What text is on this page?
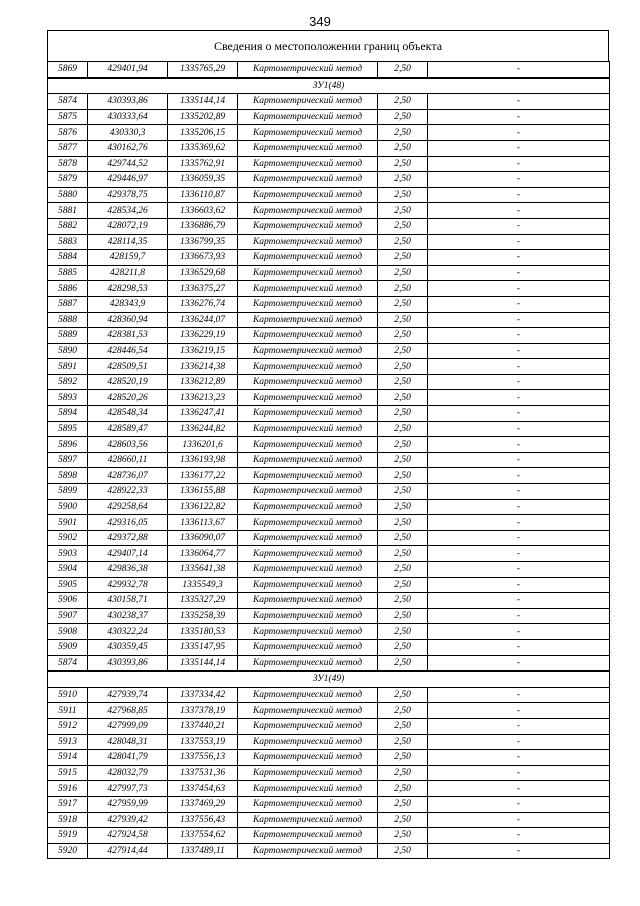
349
Сведения о местоположении границ объекта
5869	429401,94	1335765,29	Картометрический метод	2,50	-
ЗУ1(48)					
5874	430393,86	1335144,14	Картометрический метод	2,50	-
5875	430333,64	1335202,89	Картометрический метод	2,50	-
5876	430330,3	1335206,15	Картометрический метод	2,50	-
5877	430162,76	1335369,62	Картометрический метод	2,50	-
5878	429744,52	1335762,91	Картометрический метод	2,50	-
5879	429446,97	1336059,35	Картометрический метод	2,50	-
5880	429378,75	1336110,87	Картометрический метод	2,50	-
5881	428534,26	1336603,62	Картометрический метод	2,50	-
5882	428072,19	1336886,79	Картометрический метод	2,50	-
5883	428114,35	1336799,35	Картометрический метод	2,50	-
5884	428159,7	1336673,93	Картометрический метод	2,50	-
5885	428211,8	1336529,68	Картометрический метод	2,50	-
5886	428298,53	1336375,27	Картометрический метод	2,50	-
5887	428343,9	1336276,74	Картометрический метод	2,50	-
5888	428360,94	1336244,07	Картометрический метод	2,50	-
5889	428381,53	1336229,19	Картометрический метод	2,50	-
5890	428446,54	1336219,15	Картометрический метод	2,50	-
5891	428509,51	1336214,38	Картометрический метод	2,50	-
5892	428520,19	1336212,89	Картометрический метод	2,50	-
5893	428520,26	1336213,23	Картометрический метод	2,50	-
5894	428548,34	1336247,41	Картометрический метод	2,50	-
5895	428589,47	1336244,82	Картометрический метод	2,50	-
5896	428603,56	1336201,6	Картометрический метод	2,50	-
5897	428660,11	1336193,98	Картометрический метод	2,50	-
5898	428736,07	1336177,22	Картометрический метод	2,50	-
5899	428922,33	1336155,88	Картометрический метод	2,50	-
5900	429258,64	1336122,82	Картометрический метод	2,50	-
5901	429316,05	1336113,67	Картометрический метод	2,50	-
5902	429372,88	1336090,07	Картометрический метод	2,50	-
5903	429407,14	1336064,77	Картометрический метод	2,50	-
5904	429836,38	1335641,38	Картометрический метод	2,50	-
5905	429932,78	1335549,3	Картометрический метод	2,50	-
5906	430158,71	1335327,29	Картометрический метод	2,50	-
5907	430238,37	1335258,39	Картометрический метод	2,50	-
5908	430322,24	1335180,53	Картометрический метод	2,50	-
5909	430359,45	1335147,95	Картометрический метод	2,50	-
5874	430393,86	1335144,14	Картометрический метод	2,50	-
ЗУ1(49)					
5910	427939,74	1337334,42	Картометрический метод	2,50	-
5911	427968,85	1337378,19	Картометрический метод	2,50	-
5912	427999,09	1337440,21	Картометрический метод	2,50	-
5913	428048,31	1337553,19	Картометрический метод	2,50	-
5914	428041,79	1337556,13	Картометрический метод	2,50	-
5915	428032,79	1337531,36	Картометрический метод	2,50	-
5916	427997,73	1337454,63	Картометрический метод	2,50	-
5917	427959,99	1337469,29	Картометрический метод	2,50	-
5918	427939,42	1337556,43	Картометрический метод	2,50	-
5919	427924,58	1337554,62	Картометрический метод	2,50	-
5920	427914,44	1337489,11	Картометрический метод	2,50	-
